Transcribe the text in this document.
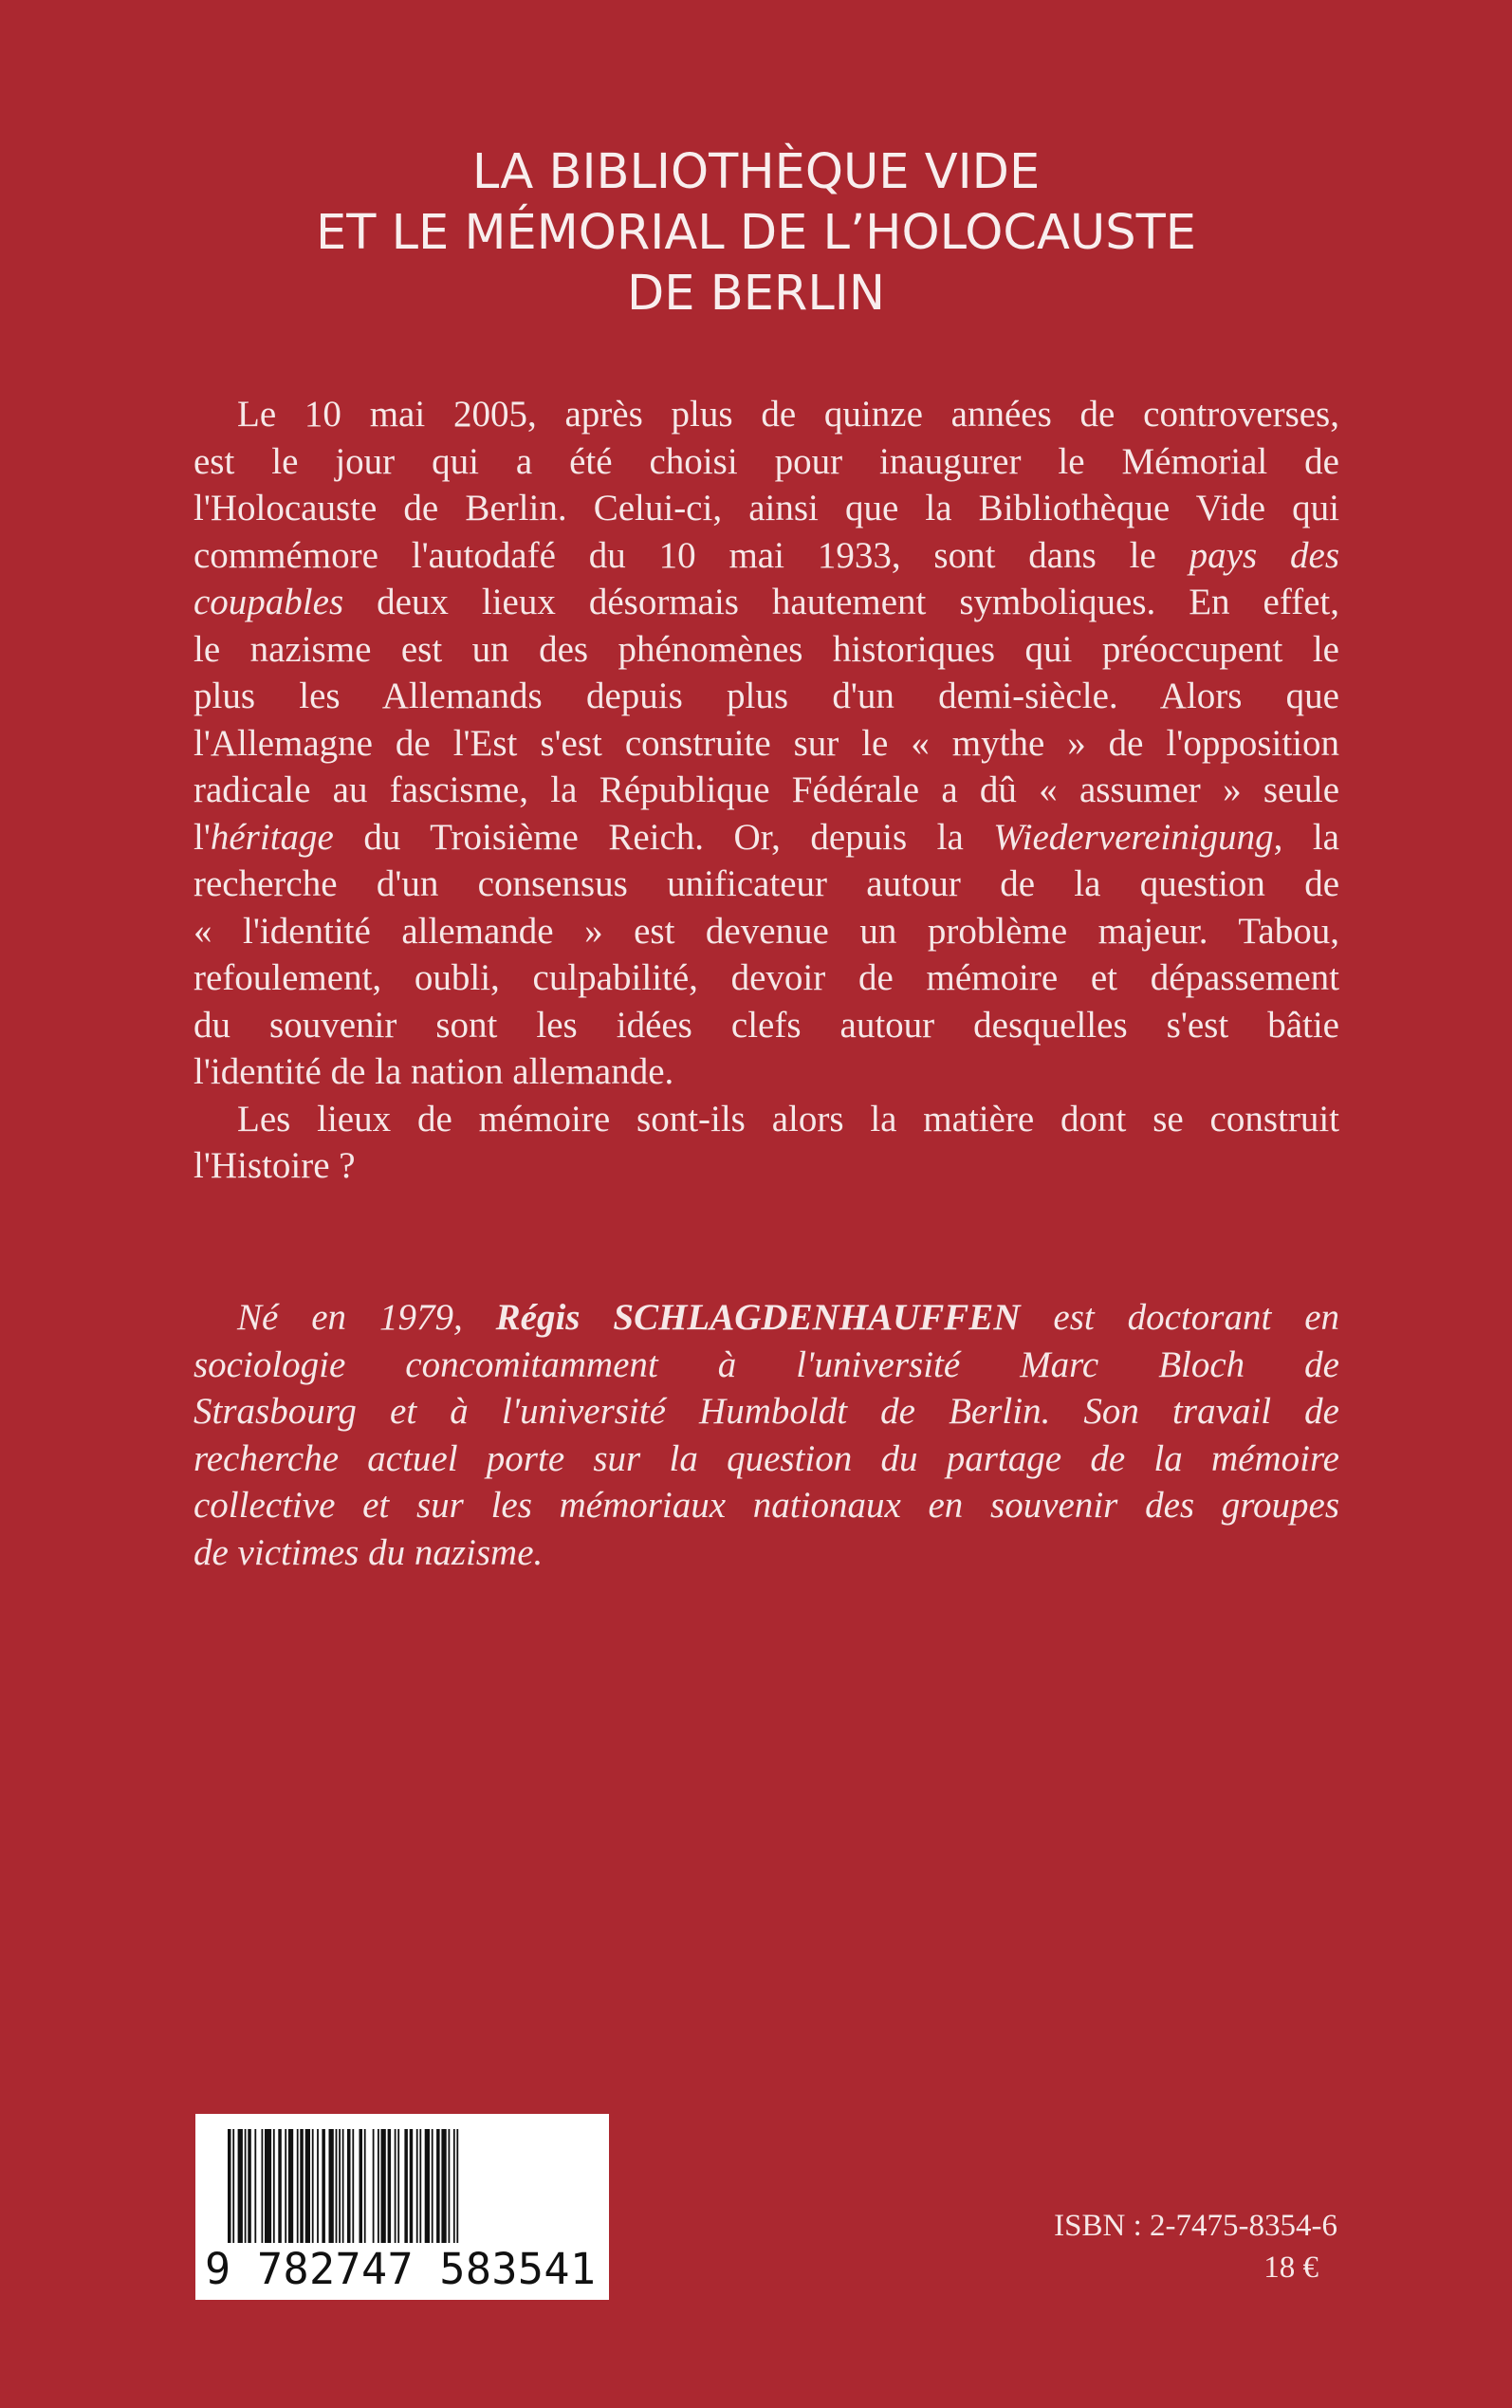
LA BIBLIOTHÈQUE VIDE
ET LE MÉMORIAL DE L’HOLOCAUSTE
DE BERLIN
Le 10 mai 2005, après plus de quinze années de controverses,
est le jour qui a été choisi pour inaugurer le Mémorial de
l'Holocauste de Berlin. Celui-ci, ainsi que la Bibliothèque Vide qui
commémore l'autodafé du 10 mai 1933, sont dans le pays des
coupables deux lieux désormais hautement symboliques. En effet,
le nazisme est un des phénomènes historiques qui préoccupent le
plus les Allemands depuis plus d'un demi-siècle. Alors que
l'Allemagne de l'Est s'est construite sur le « mythe » de l'opposition
radicale au fascisme, la République Fédérale a dû « assumer » seule
l'héritage du Troisième Reich. Or, depuis la Wiedervereinigung, la
recherche d'un consensus unificateur autour de la question de
« l'identité allemande » est devenue un problème majeur. Tabou,
refoulement, oubli, culpabilité, devoir de mémoire et dépassement
du souvenir sont les idées clefs autour desquelles s'est bâtie
l'identité de la nation allemande.
Les lieux de mémoire sont-ils alors la matière dont se construit
l'Histoire ?
Né en 1979, Régis SCHLAGDENHAUFFEN est doctorant en
sociologie concomitamment à l'université Marc Bloch de
Strasbourg et à l'université Humboldt de Berlin. Son travail de
recherche actuel porte sur la question du partage de la mémoire
collective et sur les mémoriaux nationaux en souvenir des groupes
de victimes du nazisme.
9 782747 583541
ISBN : 2-7475-8354-6
18 €
